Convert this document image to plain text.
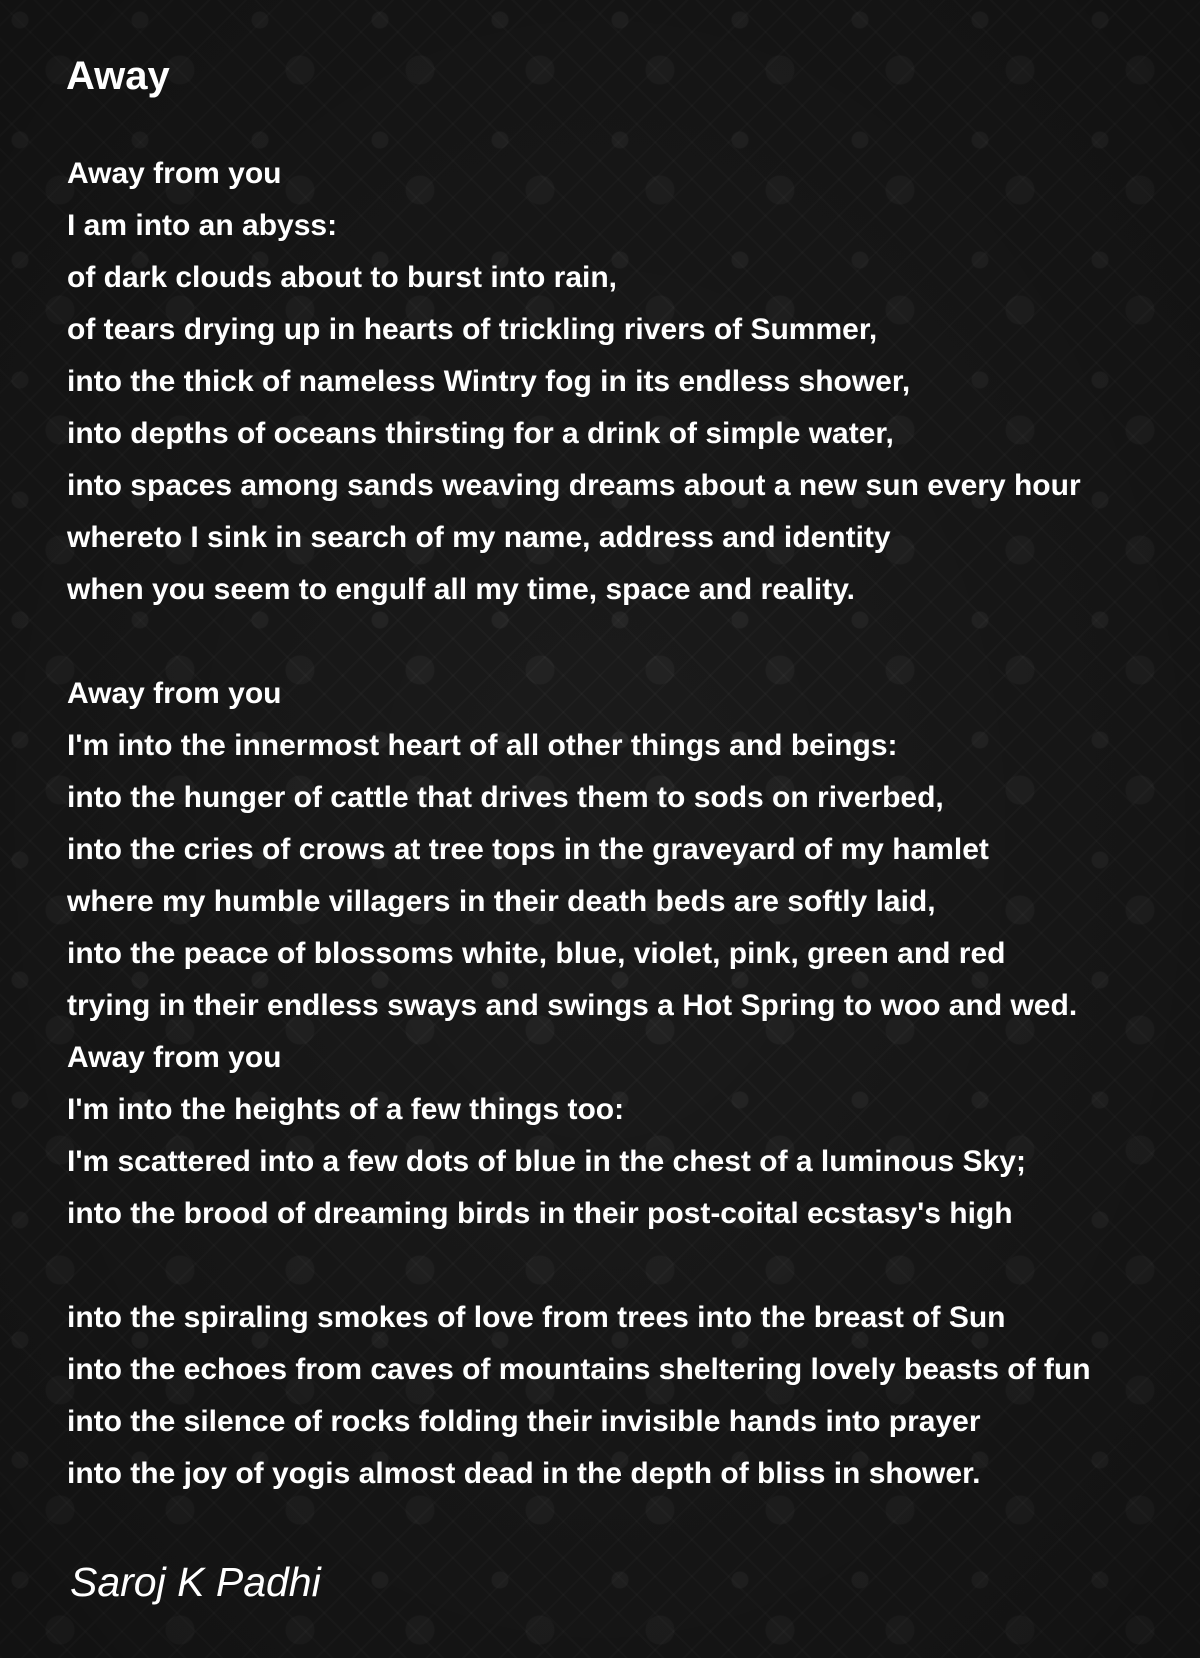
Away
Away from you
I am into an abyss:
of dark clouds about to burst into rain,
of tears drying up in hearts of trickling rivers of Summer,
into the thick of nameless Wintry fog in its endless shower,
into depths of oceans thirsting for a drink of simple water,
into spaces among sands weaving dreams about a new sun every hour
whereto I sink in search of my name, address and identity
when you seem to engulf all my time, space and reality.
Away from you
I'm into the innermost heart of all other things and beings:
into the hunger of cattle that drives them to sods on riverbed,
into the cries of crows at tree tops in the graveyard of my hamlet
where my humble villagers in their death beds are softly laid,
into the peace of blossoms white, blue, violet, pink, green and red
trying in their endless sways and swings a Hot Spring to woo and wed.
Away from you
I'm into the heights of a few things too:
I'm scattered into a few dots of blue in the chest of a luminous Sky;
into the brood of dreaming birds in their post-coital ecstasy's high
into the spiraling smokes of love from trees into the breast of Sun
into the echoes from caves of mountains sheltering lovely beasts of fun
into the silence of rocks folding their invisible hands into prayer
into the joy of yogis almost dead in the depth of bliss in shower.

Saroj K Padhi
